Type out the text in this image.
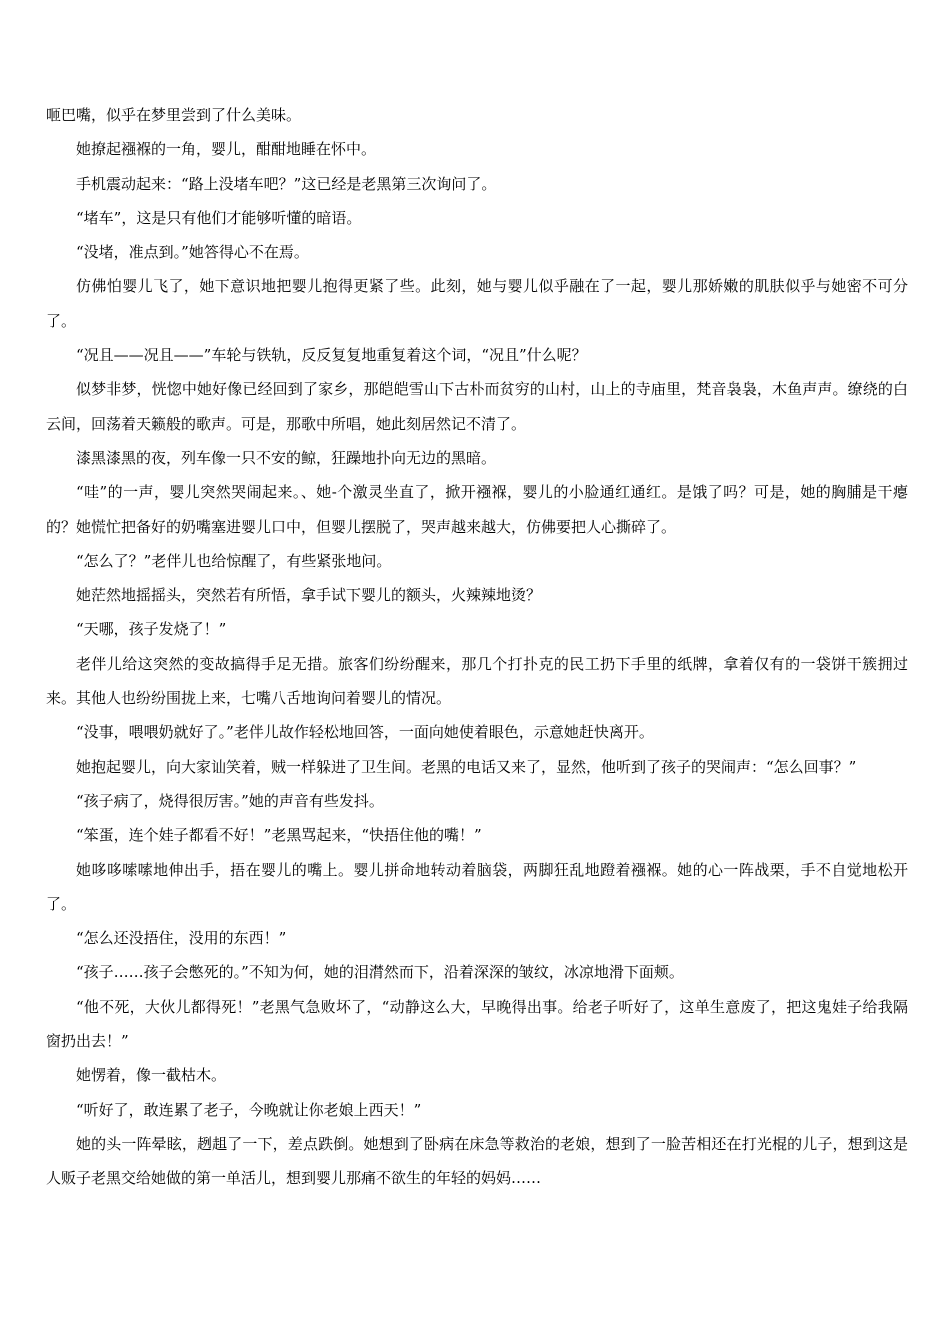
咂巴嘴，似乎在梦里尝到了什么美味。

她撩起襁褓的一角，婴儿，酣酣地睡在怀中。

手机震动起来：“路上没堵车吧？”这已经是老黑第三次询问了。

“堵车”，这是只有他们才能够听懂的暗语。

“没堵，准点到。”她答得心不在焉。

仿佛怕婴儿飞了，她下意识地把婴儿抱得更紧了些。此刻，她与婴儿似乎融在了一起，婴儿那娇嫩的肌肤似乎与她密不可分了。

“况且——况且——”车轮与铁轨，反反复复地重复着这个词，“况且”什么呢？

似梦非梦，恍惚中她好像已经回到了家乡，那皑皑雪山下古朴而贫穷的山村，山上的寺庙里，梵音袅袅，木鱼声声。缭绕的白云间，回荡着天籁般的歌声。可是，那歌中所唱，她此刻居然记不清了。

漆黑漆黑的夜，列车像一只不安的鲸，狂躁地扑向无边的黑暗。

“哇”的一声，婴儿突然哭闹起来。、她-个激灵坐直了，掀开襁褓，婴儿的小脸通红通红。是饿了吗？可是，她的胸脯是干瘪的？她慌忙把备好的奶嘴塞进婴儿口中，但婴儿摆脱了，哭声越来越大，仿佛要把人心撕碎了。

“怎么了？”老伴儿也给惊醒了，有些紧张地问。

她茫然地摇摇头，突然若有所悟，拿手试下婴儿的额头，火辣辣地烫？

“天哪，孩子发烧了！”

老伴儿给这突然的变故搞得手足无措。旅客们纷纷醒来，那几个打扑克的民工扔下手里的纸牌，拿着仅有的一袋饼干簇拥过来。其他人也纷纷围拢上来，七嘴八舌地询问着婴儿的情况。

“没事，喂喂奶就好了。”老伴儿故作轻松地回答，一面向她使着眼色，示意她赶快离开。

她抱起婴儿，向大家讪笑着，贼一样躲进了卫生间。老黑的电话又来了，显然，他听到了孩子的哭闹声：“怎么回事？”

“孩子病了，烧得很厉害。”她的声音有些发抖。

“笨蛋，连个娃子都看不好！”老黑骂起来，“快捂住他的嘴！”

她哆哆嗦嗦地伸出手，捂在婴儿的嘴上。婴儿拼命地转动着脑袋，两脚狂乱地蹬着襁褓。她的心一阵战栗，手不自觉地松开了。

“怎么还没捂住，没用的东西！”

“孩子……孩子会憋死的。”不知为何，她的泪潸然而下，沿着深深的皱纹，冰凉地滑下面颊。

“他不死，大伙儿都得死！”老黑气急败坏了，“动静这么大，早晚得出事。给老子听好了，这单生意废了，把这鬼娃子给我隔窗扔出去！”

她愣着，像一截枯木。

“听好了，敢连累了老子，今晚就让你老娘上西天！”

她的头一阵晕眩，趔趄了一下，差点跌倒。她想到了卧病在床急等救治的老娘，想到了一脸苦相还在打光棍的儿子，想到这是人贩子老黑交给她做的第一单活儿，想到婴儿那痛不欲生的年轻的妈妈……
